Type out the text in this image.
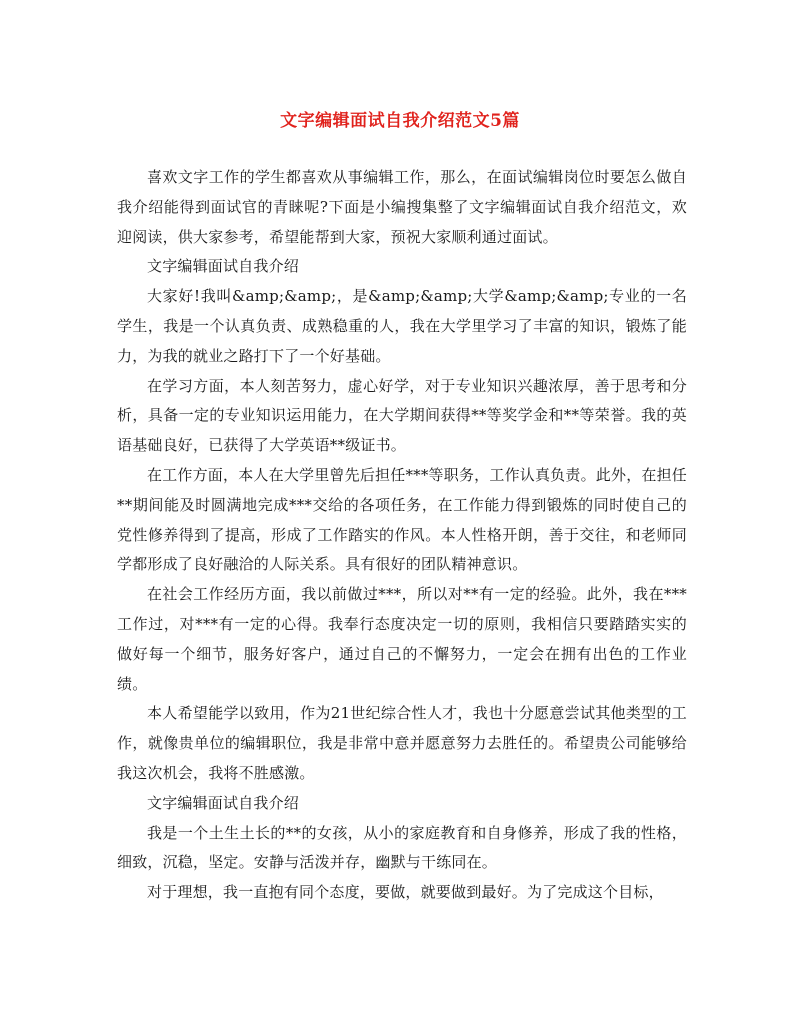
文字编辑面试自我介绍范文5篇

喜欢文字工作的学生都喜欢从事编辑工作，那么，在面试编辑岗位时要怎么做自我介绍能得到面试官的青睐呢?下面是小编搜集整了文字编辑面试自我介绍范文，欢迎阅读，供大家参考，希望能帮到大家，预祝大家顺利通过面试。

文字编辑面试自我介绍

大家好!我叫&amp;&amp;，是&amp;&amp;大学&amp;&amp;专业的一名学生，我是一个认真负责、成熟稳重的人，我在大学里学习了丰富的知识，锻炼了能力，为我的就业之路打下了一个好基础。

在学习方面，本人刻苦努力，虚心好学，对于专业知识兴趣浓厚，善于思考和分析，具备一定的专业知识运用能力，在大学期间获得**等奖学金和**等荣誉。我的英语基础良好，已获得了大学英语**级证书。

在工作方面，本人在大学里曾先后担任***等职务，工作认真负责。此外，在担任**期间能及时圆满地完成***交给的各项任务，在工作能力得到锻炼的同时使自己的党性修养得到了提高，形成了工作踏实的作风。本人性格开朗，善于交往，和老师同学都形成了良好融洽的人际关系。具有很好的团队精神意识。

在社会工作经历方面，我以前做过***，所以对**有一定的经验。此外，我在***工作过，对***有一定的心得。我奉行态度决定一切的原则，我相信只要踏踏实实的做好每一个细节，服务好客户，通过自己的不懈努力，一定会在拥有出色的工作业绩。

本人希望能学以致用，作为21世纪综合性人才，我也十分愿意尝试其他类型的工作，就像贵单位的编辑职位，我是非常中意并愿意努力去胜任的。希望贵公司能够给我这次机会，我将不胜感激。

文字编辑面试自我介绍

我是一个土生土长的**的女孩，从小的家庭教育和自身修养，形成了我的性格，细致，沉稳，坚定。安静与活泼并存，幽默与干练同在。

对于理想，我一直抱有同个态度，要做，就要做到最好。为了完成这个目标，
